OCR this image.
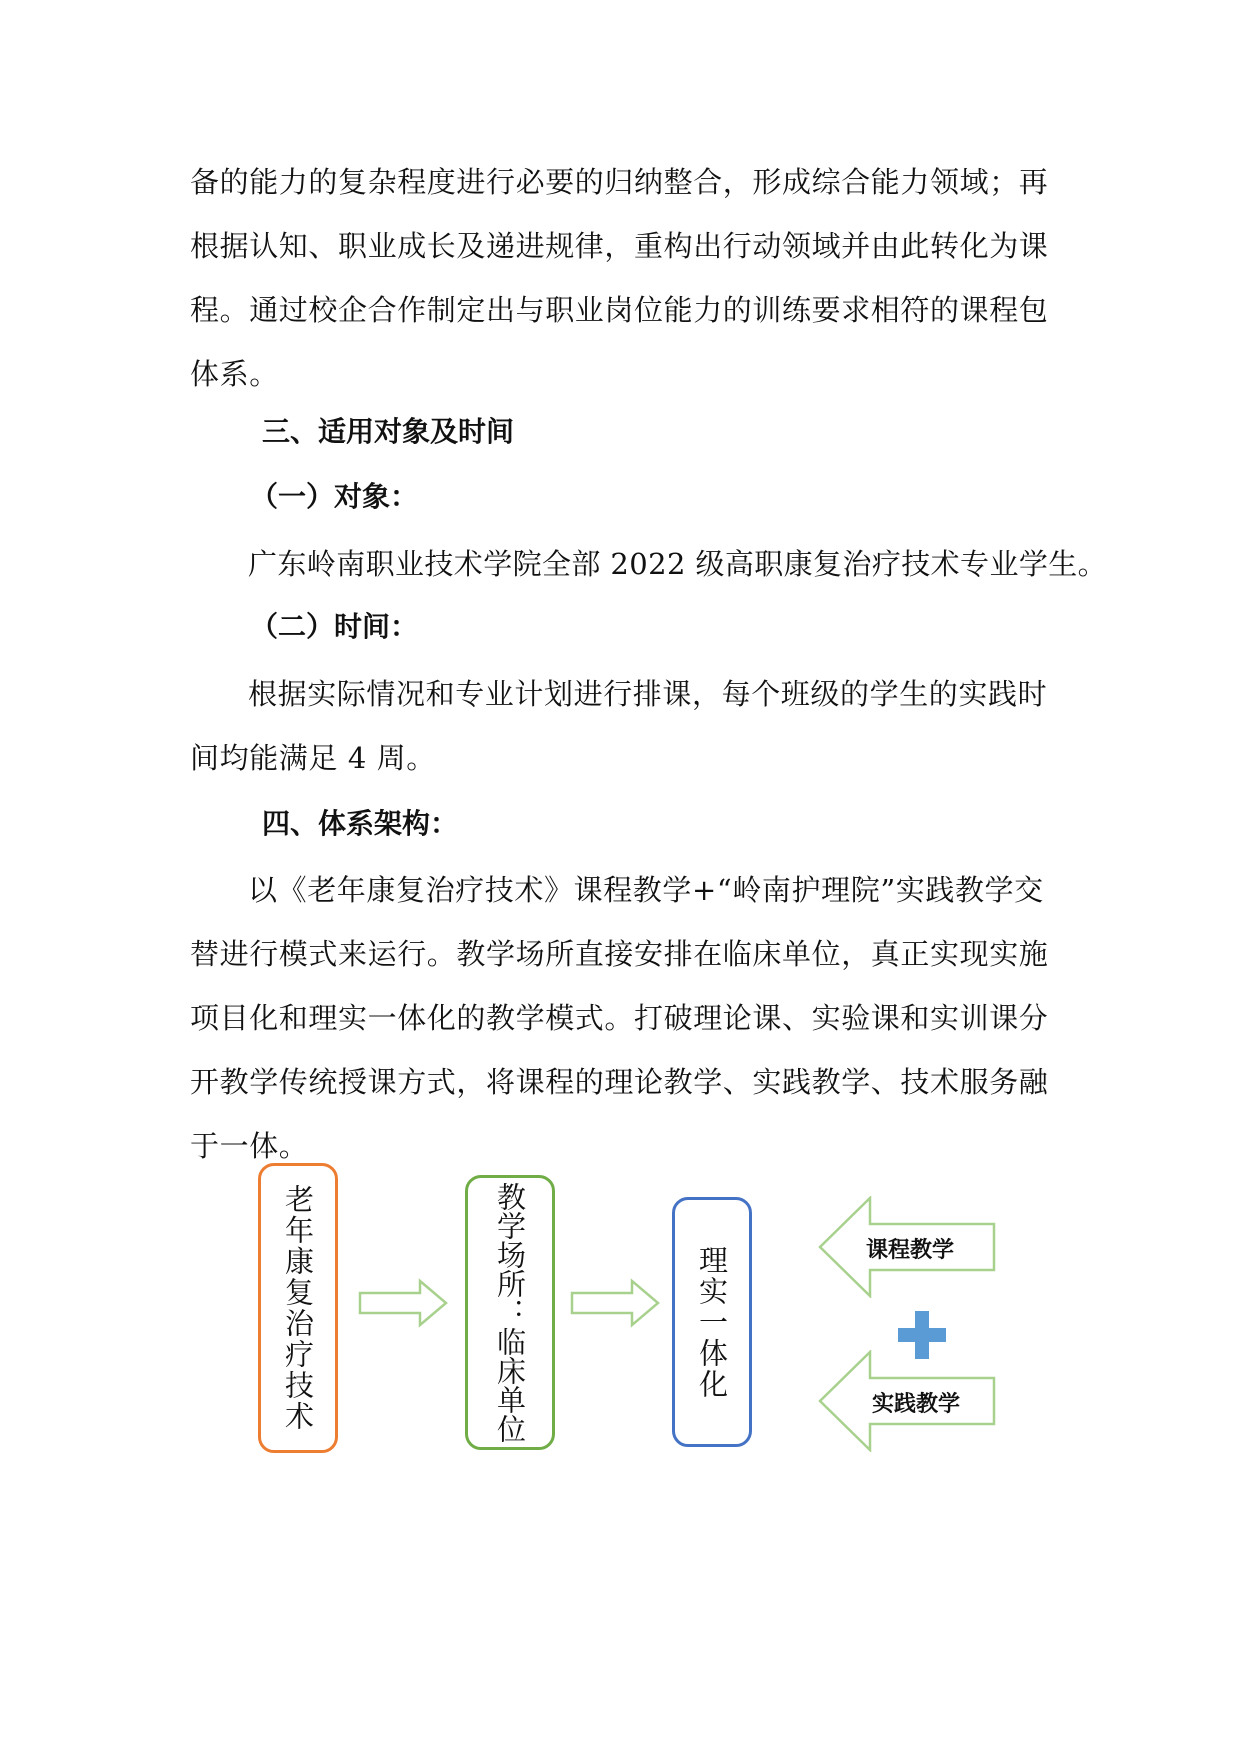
备的能力的复杂程度进行必要的归纳整合，形成综合能力领域；再根据认知、职业成长及递进规律，重构出行动领域并由此转化为课程。通过校企合作制定出与职业岗位能力的训练要求相符的课程包体系。
三、适用对象及时间
（一）对象：
广东岭南职业技术学院全部 2022 级高职康复治疗技术专业学生。
（二）时间：
根据实际情况和专业计划进行排课，每个班级的学生的实践时间均能满足 4 周。
四、体系架构：
以《老年康复治疗技术》课程教学+“岭南护理院”实践教学交替进行模式来运行。教学场所直接安排在临床单位，真正实现实施项目化和理实一体化的教学模式。打破理论课、实验课和实训课分开教学传统授课方式，将课程的理论教学、实践教学、技术服务融于一体。
老年康复治疗技术	教学场所：临床单位	理实一体化	课程教学
实践教学
